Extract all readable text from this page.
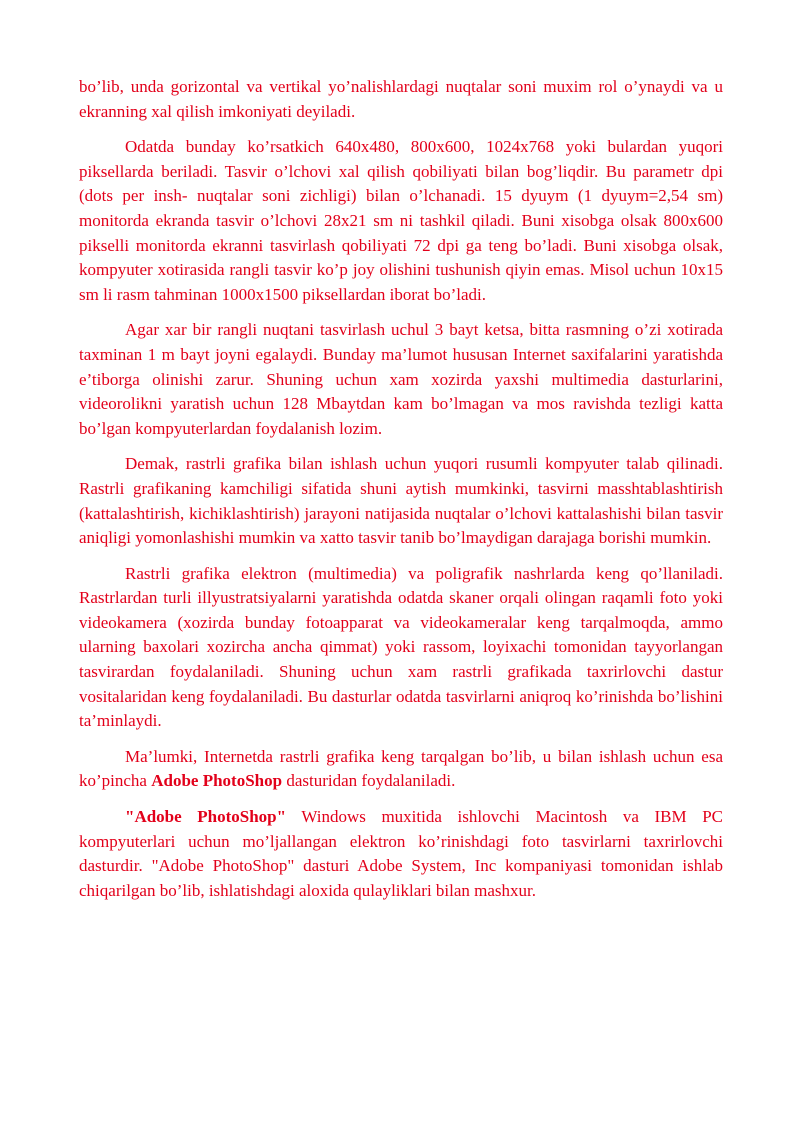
bo’lib, unda gorizontal va vertikal yo’nalishlardagi nuqtalar soni muxim rol o’ynaydi va u ekranning xal qilish imkoniyati deyiladi.

Odatda bunday ko’rsatkich 640x480, 800x600, 1024x768 yoki bulardan yuqori piksellarda beriladi. Tasvir o’lchovi xal qilish qobiliyati bilan bog’liqdir. Bu parametr dpi (dots per insh- nuqtalar soni zichligi) bilan o’lchanadi. 15 dyuym (1 dyuym=2,54 sm) monitorda ekranda tasvir o’lchovi 28x21 sm ni tashkil qiladi. Buni xisobga olsak 800x600 pikselli monitorda ekranni tasvirlash qobiliyati 72 dpi ga teng bo’ladi. Buni xisobga olsak, kompyuter xotirasida rangli tasvir ko’p joy olishini tushunish qiyin emas. Misol uchun 10x15 sm li rasm tahminan 1000x1500 piksellardan iborat bo’ladi.

Agar xar bir rangli nuqtani tasvirlash uchul 3 bayt ketsa, bitta rasmning o’zi xotirada taxminan 1 m bayt joyni egalaydi. Bunday ma’lumot hususan Internet saxifalarini yaratishda e’tiborga olinishi zarur. Shuning uchun xam xozirda yaxshi multimedia dasturlarini, videorolikni yaratish uchun 128 Mbaytdan kam bo’lmagan va mos ravishda tezligi katta bo’lgan kompyuterlardan foydalanish lozim.

Demak, rastrli grafika bilan ishlash uchun yuqori rusumli kompyuter talab qilinadi. Rastrli grafikaning kamchiligi sifatida shuni aytish mumkinki, tasvirni masshtablashtirish (kattalashtirish, kichiklashtirish) jarayoni natijasida nuqtalar o’lchovi kattalashishi bilan tasvir aniqligi yomonlashishi mumkin va xatto tasvir tanib bo’lmaydigan darajaga borishi mumkin.

Rastrli grafika elektron (multimedia) va poligrafik nashrlarda keng qo’llaniladi. Rastrlardan turli illyustratsiyalarni yaratishda odatda skaner orqali olingan raqamli foto yoki videokamera (xozirda bunday fotoapparat va videokameralar keng tarqalmoqda, ammo ularning baxolari xozircha ancha qimmat) yoki rassom, loyixachi tomonidan tayyorlangan tasvirardan foydalaniladi. Shuning uchun xam rastrli grafikada taxrirlovchi dastur vositalaridan keng foydalaniladi. Bu dasturlar odatda tasvirlarni aniqroq ko’rinishda bo’lishini ta’minlaydi.

Ma’lumki, Internetda rastrli grafika keng tarqalgan bo’lib, u bilan ishlash uchun esa ko’pincha Adobe PhotoShop dasturidan foydalaniladi.

"Adobe PhotoShop" Windows muxitida ishlovchi Macintosh va IBM PC kompyuterlari uchun mo’ljallangan elektron ko’rinishdagi foto tasvirlarni taxrirlovchi dasturdir. "Adobe PhotoShop" dasturi Adobe System, Inc kompaniyasi tomonidan ishlab chiqarilgan bo’lib, ishlatishdagi aloxida qulayliklari bilan mashxur.
